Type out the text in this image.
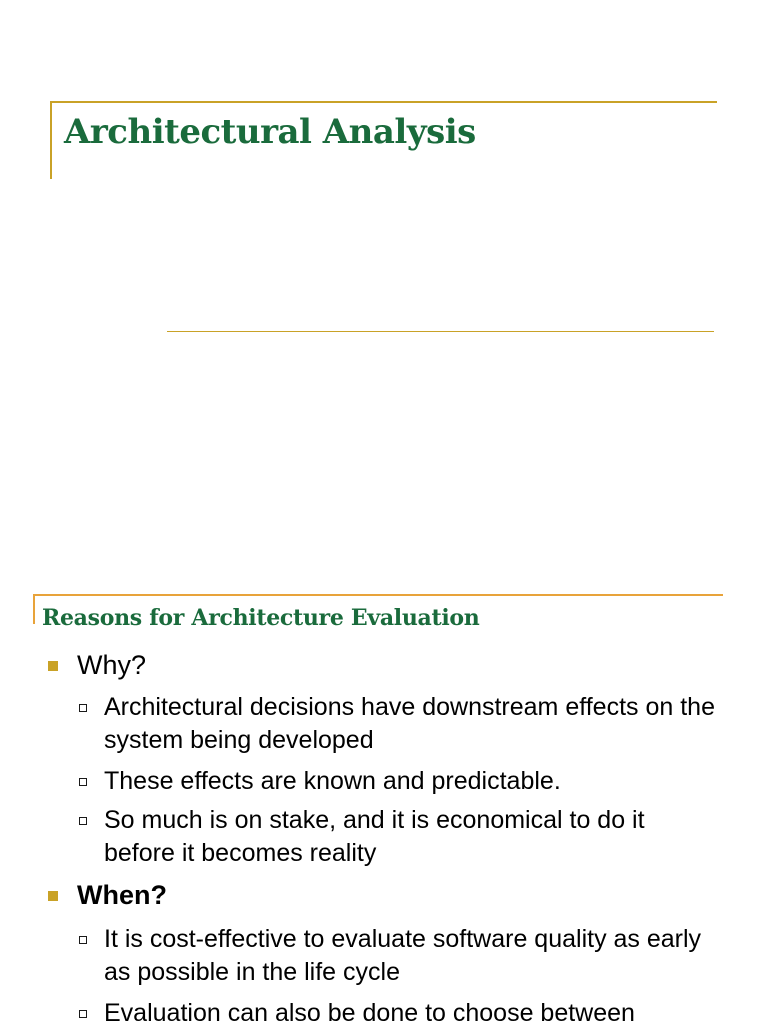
Architectural Analysis
Reasons for Architecture Evaluation
Why?
Architectural decisions have downstream effects on the system being developed
These effects are known and predictable.
So much is on stake, and it is economical to do it before it becomes reality
When?
It is cost-effective to evaluate software quality as early as possible in the life cycle
Evaluation can also be done to choose between
